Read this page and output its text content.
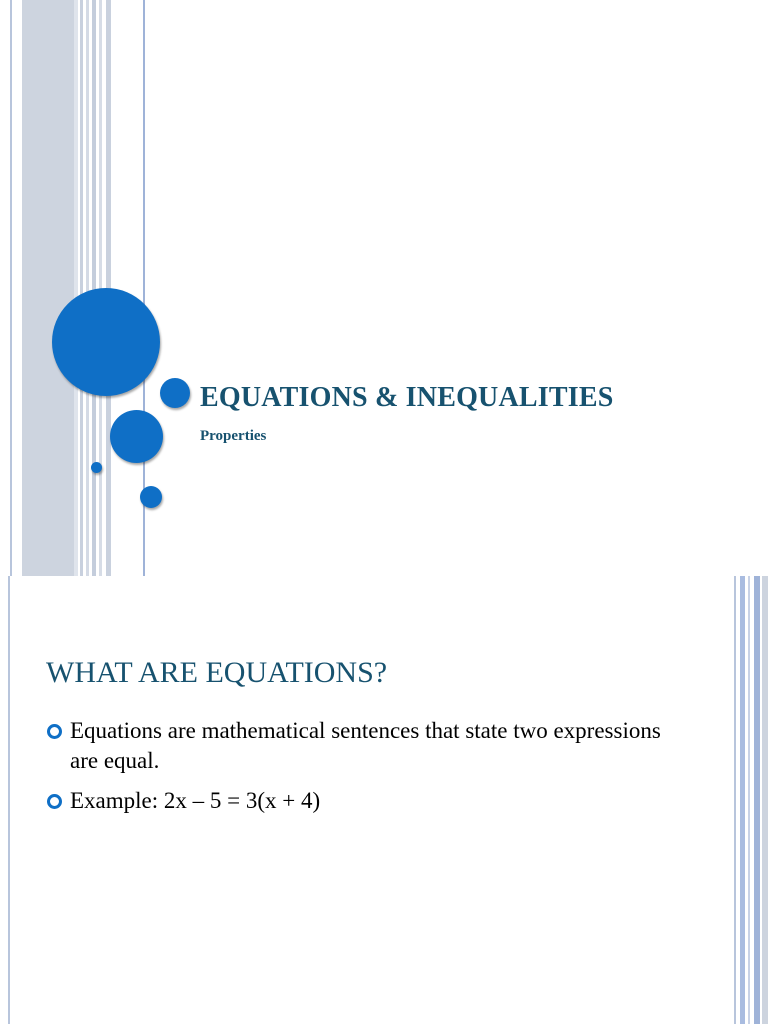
EQUATIONS & INEQUALITIES
Properties
WHAT ARE EQUATIONS?
Equations are mathematical sentences that state two expressions are equal.
Example: 2x – 5 = 3(x + 4)
